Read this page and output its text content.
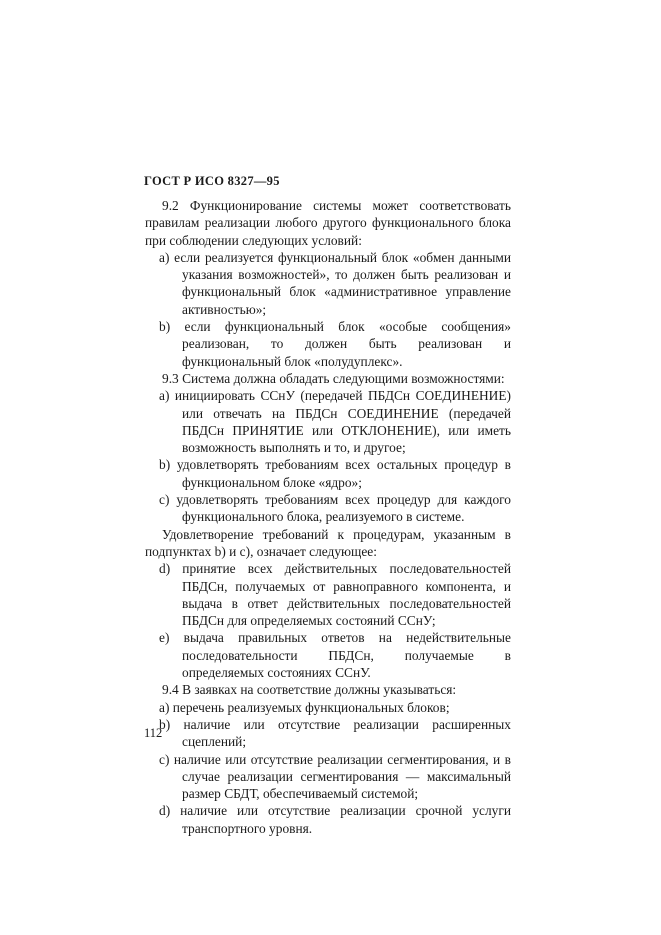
ГОСТ Р ИСО 8327—95

9.2 Функционирование системы может соответствовать правилам реализации любого другого функционального блока при соблюдении следующих условий:

а) если реализуется функциональный блок «обмен данными указания возможностей», то должен быть реализован и функциональный блок «административное управление активностью»;

b) если функциональный блок «особые сообщения» реализован, то должен быть реализован и функциональный блок «полудуплекс».

9.3 Система должна обладать следующими возможностями:

а) инициировать ССнУ (передачей ПБДСн СОЕДИНЕНИЕ) или отвечать на ПБДСн СОЕДИНЕНИЕ (передачей ПБДСн ПРИНЯТИЕ или ОТКЛОНЕНИЕ), или иметь возможность выполнять и то, и другое;

b) удовлетворять требованиям всех остальных процедур в функциональном блоке «ядро»;

с) удовлетворять требованиям всех процедур для каждого функционального блока, реализуемого в системе.

Удовлетворение требований к процедурам, указанным в подпунктах b) и с), означает следующее:

d) принятие всех действительных последовательностей ПБДСн, получаемых от равноправного компонента, и выдача в ответ действительных последовательностей ПБДСн для определяемых состояний ССнУ;

е) выдача правильных ответов на недействительные последовательности ПБДСн, получаемые в определяемых состояниях ССнУ.

9.4 В заявках на соответствие должны указываться:

а) перечень реализуемых функциональных блоков;

b) наличие или отсутствие реализации расширенных сцеплений;

с) наличие или отсутствие реализации сегментирования, и в случае реализации сегментирования — максимальный размер СБДТ, обеспечиваемый системой;

d) наличие или отсутствие реализации срочной услуги транспортного уровня.

112
